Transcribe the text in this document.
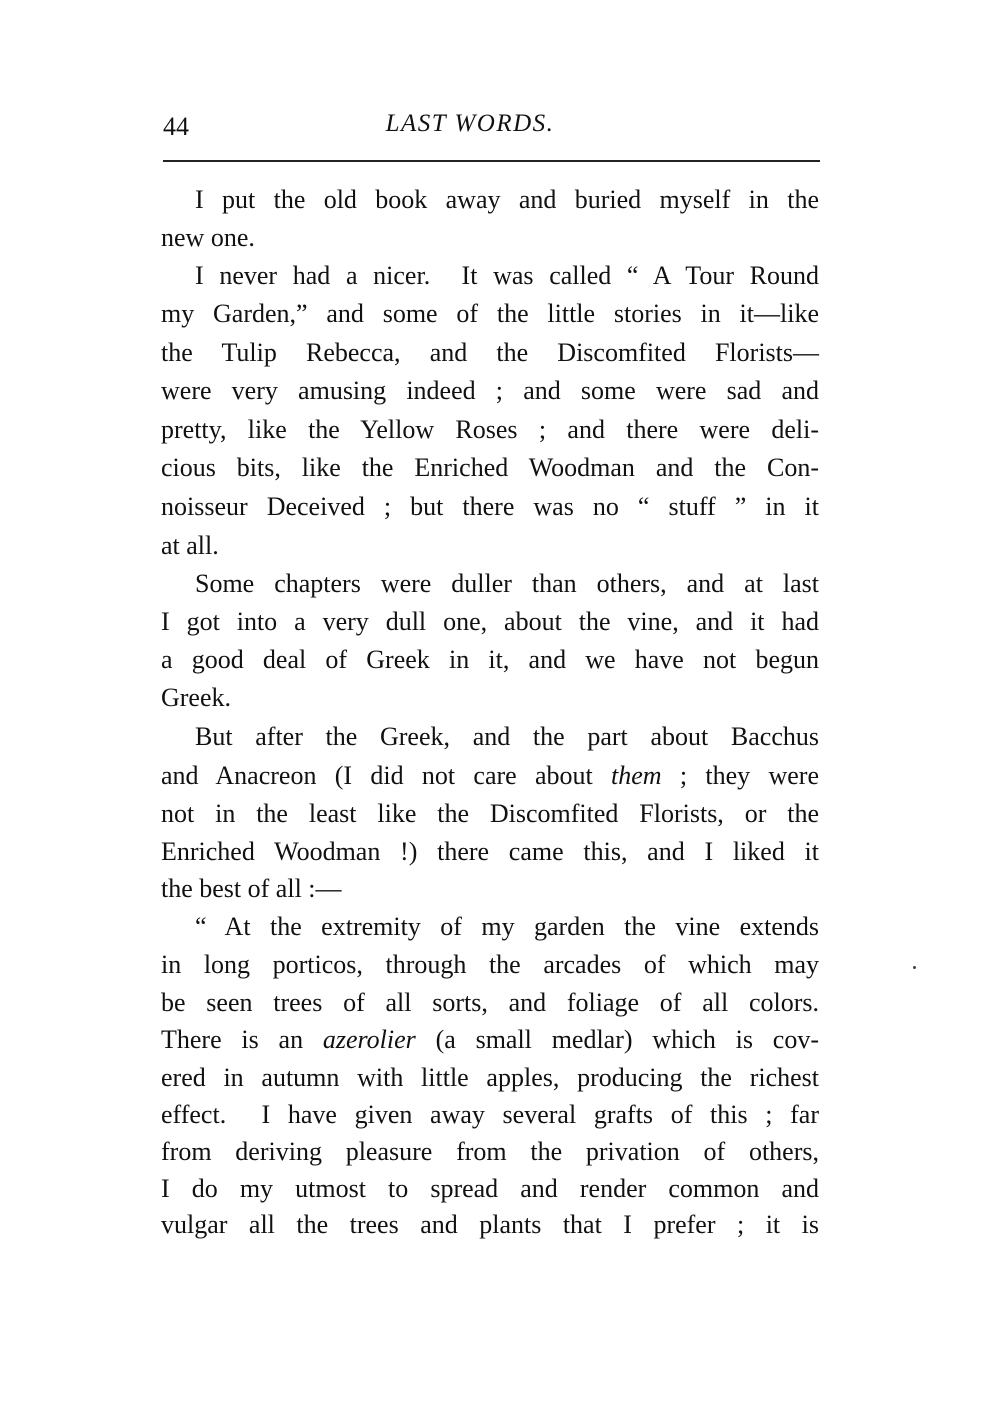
44	LAST WORDS.
I put the old book away and buried myself in the
new one.
I never had a nicer.  It was called “ A Tour Round
my Garden,” and some of the little stories in it—like
the Tulip Rebecca, and the Discomfited Florists—
were very amusing indeed ; and some were sad and
pretty, like the Yellow Roses ; and there were deli-
cious bits, like the Enriched Woodman and the Con-
noisseur Deceived ; but there was no “ stuff ” in it
at all.
Some chapters were duller than others, and at last
I got into a very dull one, about the vine, and it had
a good deal of Greek in it, and we have not begun
Greek.
But after the Greek, and the part about Bacchus
and Anacreon (I did not care about them ; they were
not in the least like the Discomfited Florists, or the
Enriched Woodman !) there came this, and I liked it
the best of all :—
“ At the extremity of my garden the vine extends
in long porticos, through the arcades of which may
be seen trees of all sorts, and foliage of all colors.
There is an azerolier (a small medlar) which is cov-
ered in autumn with little apples, producing the richest
effect.  I have given away several grafts of this ; far
from deriving pleasure from the privation of others,
I do my utmost to spread and render common and
vulgar all the trees and plants that I prefer ; it is
